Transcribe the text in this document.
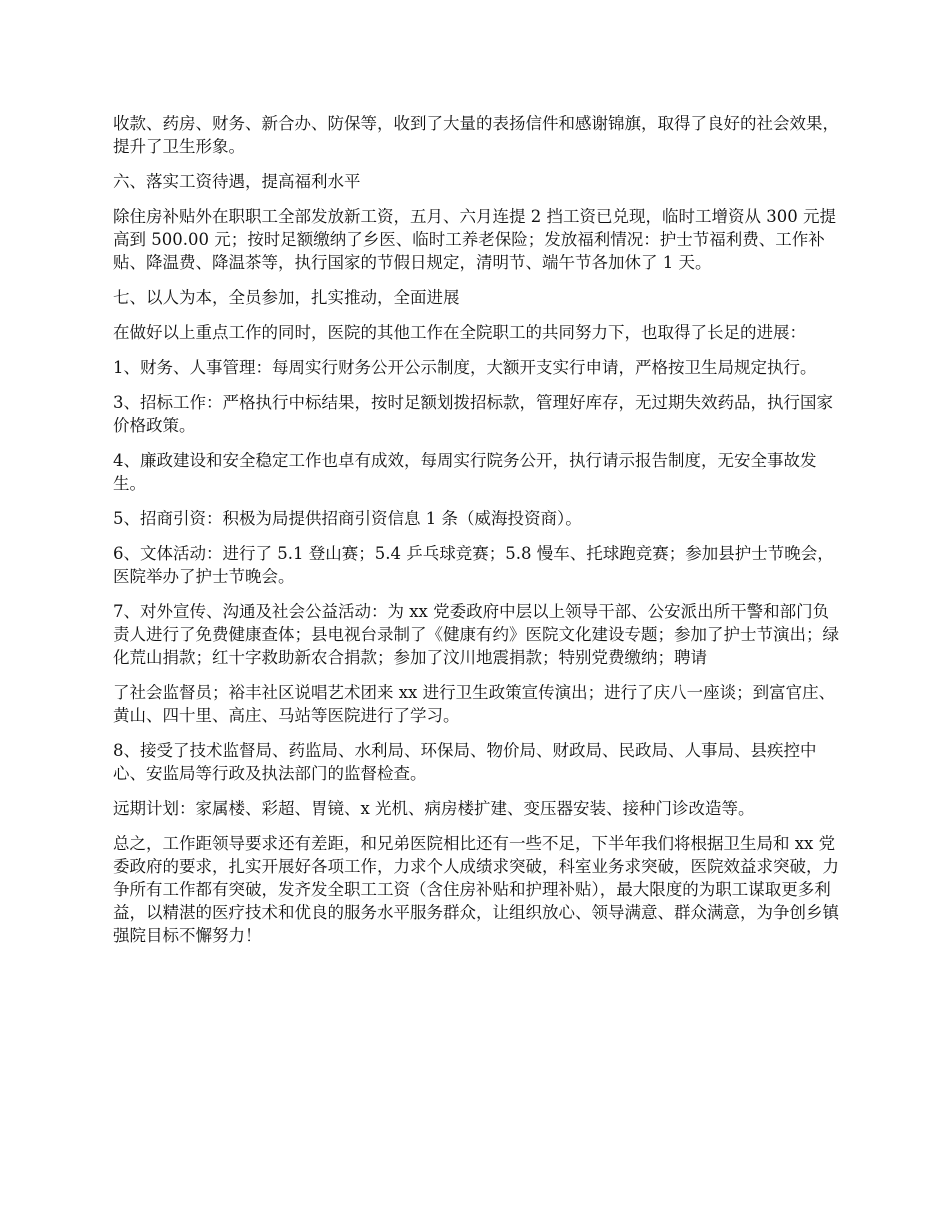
收款、药房、财务、新合办、防保等，收到了大量的表扬信件和感谢锦旗，取得了良好的社会效果，提升了卫生形象。

六、落实工资待遇，提高福利水平

除住房补贴外在职职工全部发放新工资，五月、六月连提 2 挡工资已兑现，临时工增资从 300 元提高到 500.00 元；按时足额缴纳了乡医、临时工养老保险；发放福利情况：护士节福利费、工作补贴、降温费、降温茶等，执行国家的节假日规定，清明节、端午节各加休了 1 天。

七、以人为本，全员参加，扎实推动，全面进展

在做好以上重点工作的同时，医院的其他工作在全院职工的共同努力下，也取得了长足的进展：

1、财务、人事管理：每周实行财务公开公示制度，大额开支实行申请，严格按卫生局规定执行。

3、招标工作：严格执行中标结果，按时足额划拨招标款，管理好库存，无过期失效药品，执行国家价格政策。

4、廉政建设和安全稳定工作也卓有成效，每周实行院务公开，执行请示报告制度，无安全事故发生。

5、招商引资：积极为局提供招商引资信息 1 条（威海投资商）。

6、文体活动：进行了 5.1 登山赛；5.4 乒乓球竞赛；5.8 慢车、托球跑竞赛；参加县护士节晚会，医院举办了护士节晚会。

7、对外宣传、沟通及社会公益活动：为 xx 党委政府中层以上领导干部、公安派出所干警和部门负责人进行了免费健康查体；县电视台录制了《健康有约》医院文化建设专题；参加了护士节演出；绿化荒山捐款；红十字救助新农合捐款；参加了汶川地震捐款；特别党费缴纳；聘请

了社会监督员；裕丰社区说唱艺术团来 xx 进行卫生政策宣传演出；进行了庆八一座谈；到富官庄、黄山、四十里、高庄、马站等医院进行了学习。

8、接受了技术监督局、药监局、水利局、环保局、物价局、财政局、民政局、人事局、县疾控中心、安监局等行政及执法部门的监督检查。

远期计划：家属楼、彩超、胃镜、x 光机、病房楼扩建、变压器安装、接种门诊改造等。

总之，工作距领导要求还有差距，和兄弟医院相比还有一些不足，下半年我们将根据卫生局和 xx 党委政府的要求，扎实开展好各项工作，力求个人成绩求突破，科室业务求突破，医院效益求突破，力争所有工作都有突破，发齐发全职工工资（含住房补贴和护理补贴），最大限度的为职工谋取更多利益，以精湛的医疗技术和优良的服务水平服务群众，让组织放心、领导满意、群众满意，为争创乡镇强院目标不懈努力！
